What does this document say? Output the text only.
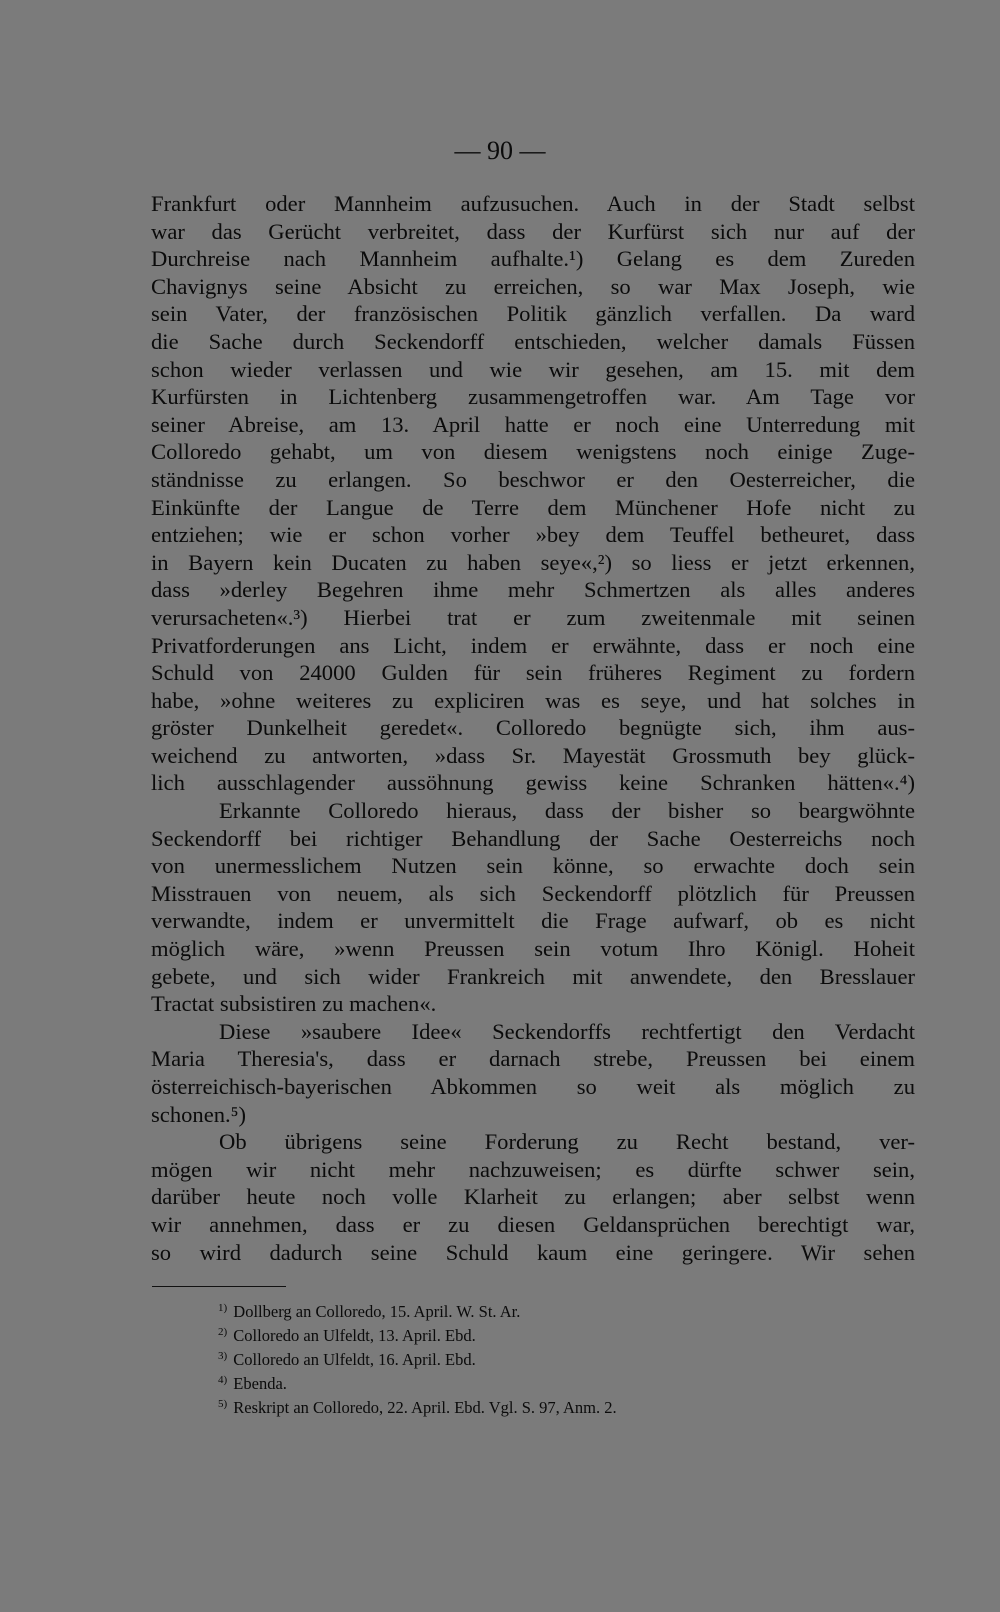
— 90 —
Frankfurt oder Mannheim aufzusuchen. Auch in der Stadt selbst
war das Gerücht verbreitet, dass der Kurfürst sich nur auf der
Durchreise nach Mannheim aufhalte.¹) Gelang es dem Zureden
Chavignys seine Absicht zu erreichen, so war Max Joseph, wie
sein Vater, der französischen Politik gänzlich verfallen. Da ward
die Sache durch Seckendorff entschieden, welcher damals Füssen
schon wieder verlassen und wie wir gesehen, am 15. mit dem
Kurfürsten in Lichtenberg zusammengetroffen war. Am Tage vor
seiner Abreise, am 13. April hatte er noch eine Unterredung mit
Colloredo gehabt, um von diesem wenigstens noch einige Zuge-
ständnisse zu erlangen. So beschwor er den Oesterreicher, die
Einkünfte der Langue de Terre dem Münchener Hofe nicht zu
entziehen; wie er schon vorher »bey dem Teuffel betheuret, dass
in Bayern kein Ducaten zu haben seye«,²) so liess er jetzt erkennen,
dass »derley Begehren ihme mehr Schmertzen als alles anderes
verursacheten«.³) Hierbei trat er zum zweitenmale mit seinen
Privatforderungen ans Licht, indem er erwähnte, dass er noch eine
Schuld von 24000 Gulden für sein früheres Regiment zu fordern
habe, »ohne weiteres zu expliciren was es seye, und hat solches in
gröster Dunkelheit geredet«. Colloredo begnügte sich, ihm aus-
weichend zu antworten, »dass Sr. Mayestät Grossmuth bey glück-
lich ausschlagender aussöhnung gewiss keine Schranken hätten«.⁴)
Erkannte Colloredo hieraus, dass der bisher so beargwöhnte
Seckendorff bei richtiger Behandlung der Sache Oesterreichs noch
von unermesslichem Nutzen sein könne, so erwachte doch sein
Misstrauen von neuem, als sich Seckendorff plötzlich für Preussen
verwandte, indem er unvermittelt die Frage aufwarf, ob es nicht
möglich wäre, »wenn Preussen sein votum Ihro Königl. Hoheit
gebete, und sich wider Frankreich mit anwendete, den Bresslauer
Tractat subsistiren zu machen«.
Diese »saubere Idee« Seckendorffs rechtfertigt den Verdacht
Maria Theresia's, dass er darnach strebe, Preussen bei einem
österreichisch-bayerischen Abkommen so weit als möglich zu
schonen.⁵)
Ob übrigens seine Forderung zu Recht bestand, ver-
mögen wir nicht mehr nachzuweisen; es dürfte schwer sein,
darüber heute noch volle Klarheit zu erlangen; aber selbst wenn
wir annehmen, dass er zu diesen Geldansprüchen berechtigt war,
so wird dadurch seine Schuld kaum eine geringere. Wir sehen
$^{1)}$ Dollberg an Colloredo, 15. April. W. St. Ar.
$^{2)}$ Colloredo an Ulfeldt, 13. April. Ebd.
$^{3)}$ Colloredo an Ulfeldt, 16. April. Ebd.
$^{4)}$ Ebenda.
$^{5)}$ Reskript an Colloredo, 22. April. Ebd. Vgl. S. 97, Anm. 2.
